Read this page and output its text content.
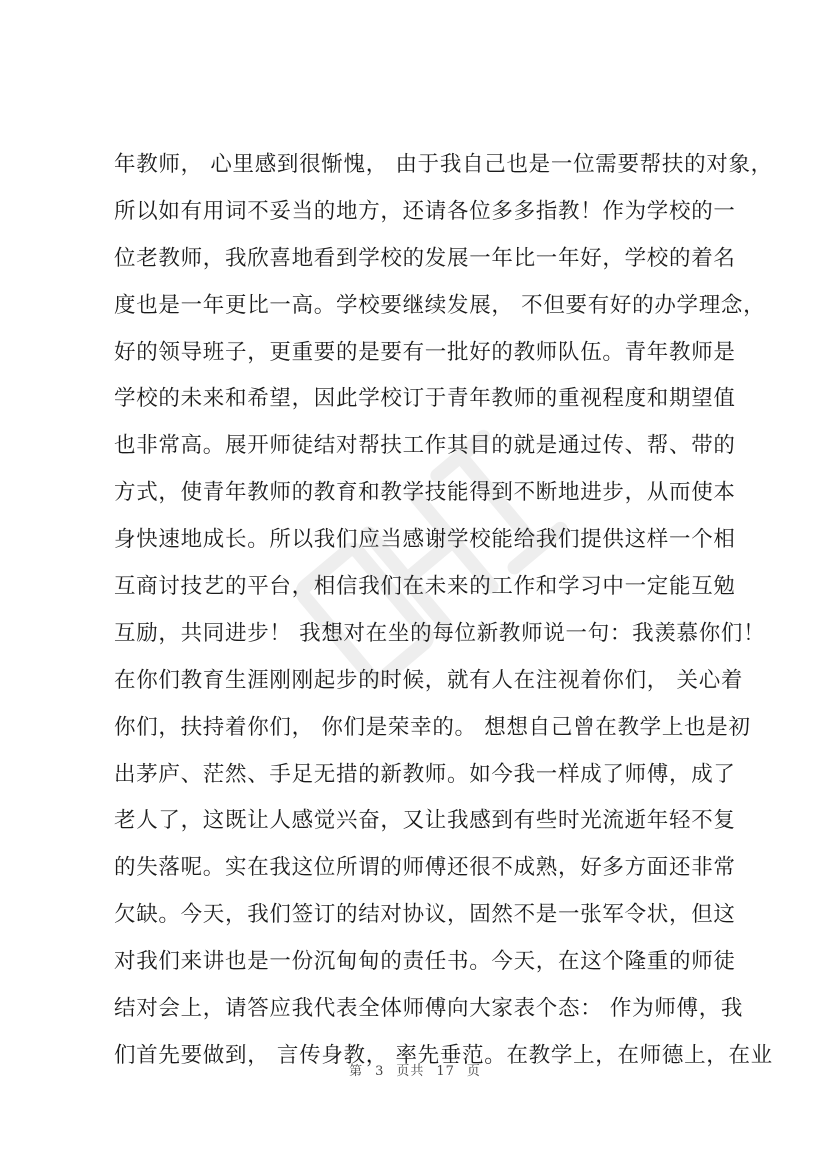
年教师， 心里感到很惭愧， 由于我自己也是一位需要帮扶的对象，
所以如有用词不妥当的地方，还请各位多多指教！作为学校的一
位老教师，我欣喜地看到学校的发展一年比一年好，学校的着名
度也是一年更比一高。学校要继续发展， 不但要有好的办学理念，
好的领导班子，更重要的是要有一批好的教师队伍。青年教师是
学校的未来和希望，因此学校订于青年教师的重视程度和期望值
也非常高。展开师徒结对帮扶工作其目的就是通过传、帮、带的
方式，使青年教师的教育和教学技能得到不断地进步，从而使本
身快速地成长。所以我们应当感谢学校能给我们提供这样一个相
互商讨技艺的平台，相信我们在未来的工作和学习中一定能互勉
互励，共同进步！ 我想对在坐的每位新教师说一句：我羡慕你们！
在你们教育生涯刚刚起步的时候，就有人在注视着你们， 关心着
你们，扶持着你们， 你们是荣幸的。 想想自己曾在教学上也是初
出茅庐、茫然、手足无措的新教师。如今我一样成了师傅，成了
老人了，这既让人感觉兴奋，又让我感到有些时光流逝年轻不复
的失落呢。实在我这位所谓的师傅还很不成熟，好多方面还非常
欠缺。今天，我们签订的结对协议，固然不是一张军令状，但这
对我们来讲也是一份沉甸甸的责任书。今天，在这个隆重的师徒
结对会上，请答应我代表全体师傅向大家表个态： 作为师傅，我
们首先要做到， 言传身教， 率先垂范。在教学上，在师德上，在业
第 3 页共 17 页
